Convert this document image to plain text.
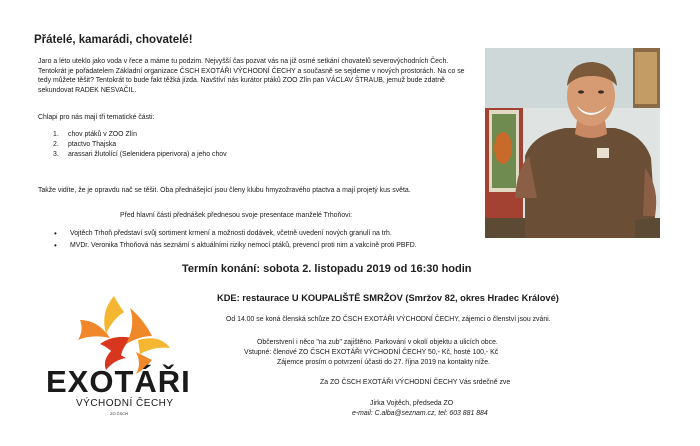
Přátelé, kamarádi, chovatelé!
Jaro a léto uteklo jako voda v řece a máme tu podzim. Nejvyšší čas pozvat vás na již osmé setkání chovatelů severovýchodních Čech. Tentokrát je pořadatelem Základní organizace ČSCH EXOTÁŘI VÝCHODNÍ ČECHY a současně se sejdeme v nových prostorách. Na co se tedy můžete těšit? Tentokrát to bude fakt těžká jízda. Navštíví nás kurátor ptáků ZOO Zlín pan VÁCLAV ŠTRAUB, jemuž bude zdatně sekundovat RADEK NESVAČIL.
Chlapi pro nás mají tři tematické části:
1. chov ptáků v ZOO Zlín
2. ptactvo Thajska
3. arassari žlutolící (Selenidera piperivora) a jeho chov
Takže vidíte, že je opravdu nač se těšit. Oba přednášející jsou členy klubu hmyzožravého ptactva a mají projetý kus světa.
Před hlavní částí přednášek přednesou svoje presentace manželé Trhoňovi:
• Vojtěch Trhoň představí svůj sortiment krmení a možnosti dodávek, včetně uvedení nových granulí na trh.
• MVDr. Veronika Trhoňová nás seznámí s aktuálními riziky nemocí ptáků, prevencí proti nim a vakcíně proti PBFD.
Termín konání: sobota 2. listopadu 2019 od 16:30 hodin
KDE: restaurace U KOUPALIŠTĚ SMRŽOV (Smržov 82, okres Hradec Králové)
Od 14.00 se koná členská schůze ZO ČSCH EXOTÁŘI VÝCHODNÍ ČECHY, zájemci o členství jsou zváni.
Občerstvení i něco "na zub" zajištěno. Parkování v okolí objektu a ulicích obce.
Vstupné: členové ZO ČSCH EXOTÁŘI VÝCHODNÍ ČECHY 50,- Kč, hosté 100,- Kč
Zájemce prosím o potvrzení účasti do 27. října 2019 na kontakty níže.
Za ZO ČSCH EXOTÁŘI VÝCHODNÍ ČECHY Vás srdečně zve
Jirka Vojtěch, předseda ZO
e-mail: C.alba@seznam.cz, tel: 603 881 884
EXOTÁŘI
VÝCHODNÍ ČECHY
ZO ČSCH
